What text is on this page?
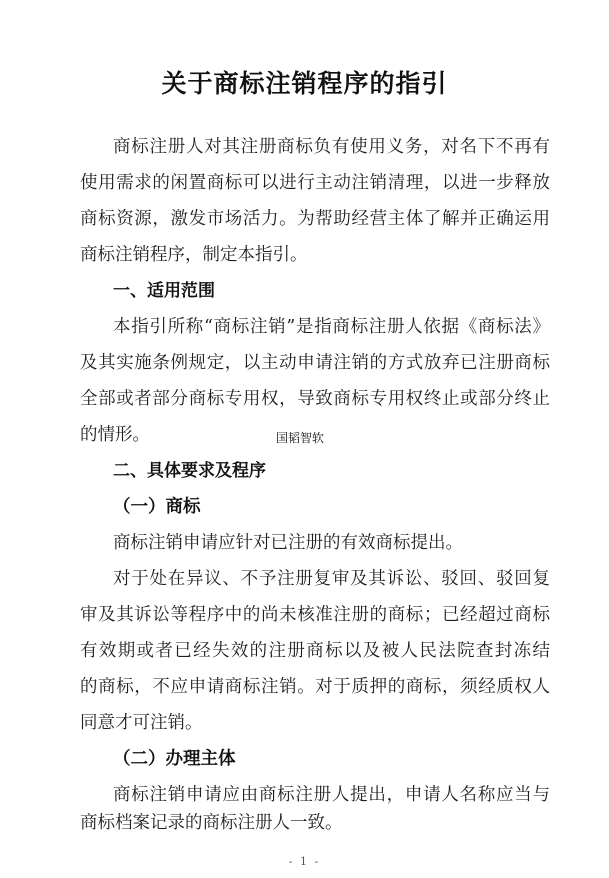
关于商标注销程序的指引
商标注册人对其注册商标负有使用义务，对名下不再有
使用需求的闲置商标可以进行主动注销清理，以进一步释放
商标资源，激发市场活力。为帮助经营主体了解并正确运用
商标注销程序，制定本指引。
一、适用范围
本指引所称“商标注销”是指商标注册人依据《商标法》
及其实施条例规定，以主动申请注销的方式放弃已注册商标
全部或者部分商标专用权，导致商标专用权终止或部分终止
的情形。
二、具体要求及程序
国韬智软
（一）商标
商标注销申请应针对已注册的有效商标提出。
对于处在异议、不予注册复审及其诉讼、驳回、驳回复
审及其诉讼等程序中的尚未核准注册的商标；已经超过商标
有效期或者已经失效的注册商标以及被人民法院查封冻结
的商标，不应申请商标注销。对于质押的商标，须经质权人
同意才可注销。
（二）办理主体
商标注销申请应由商标注册人提出，申请人名称应当与
商标档案记录的商标注册人一致。
- 1 -
